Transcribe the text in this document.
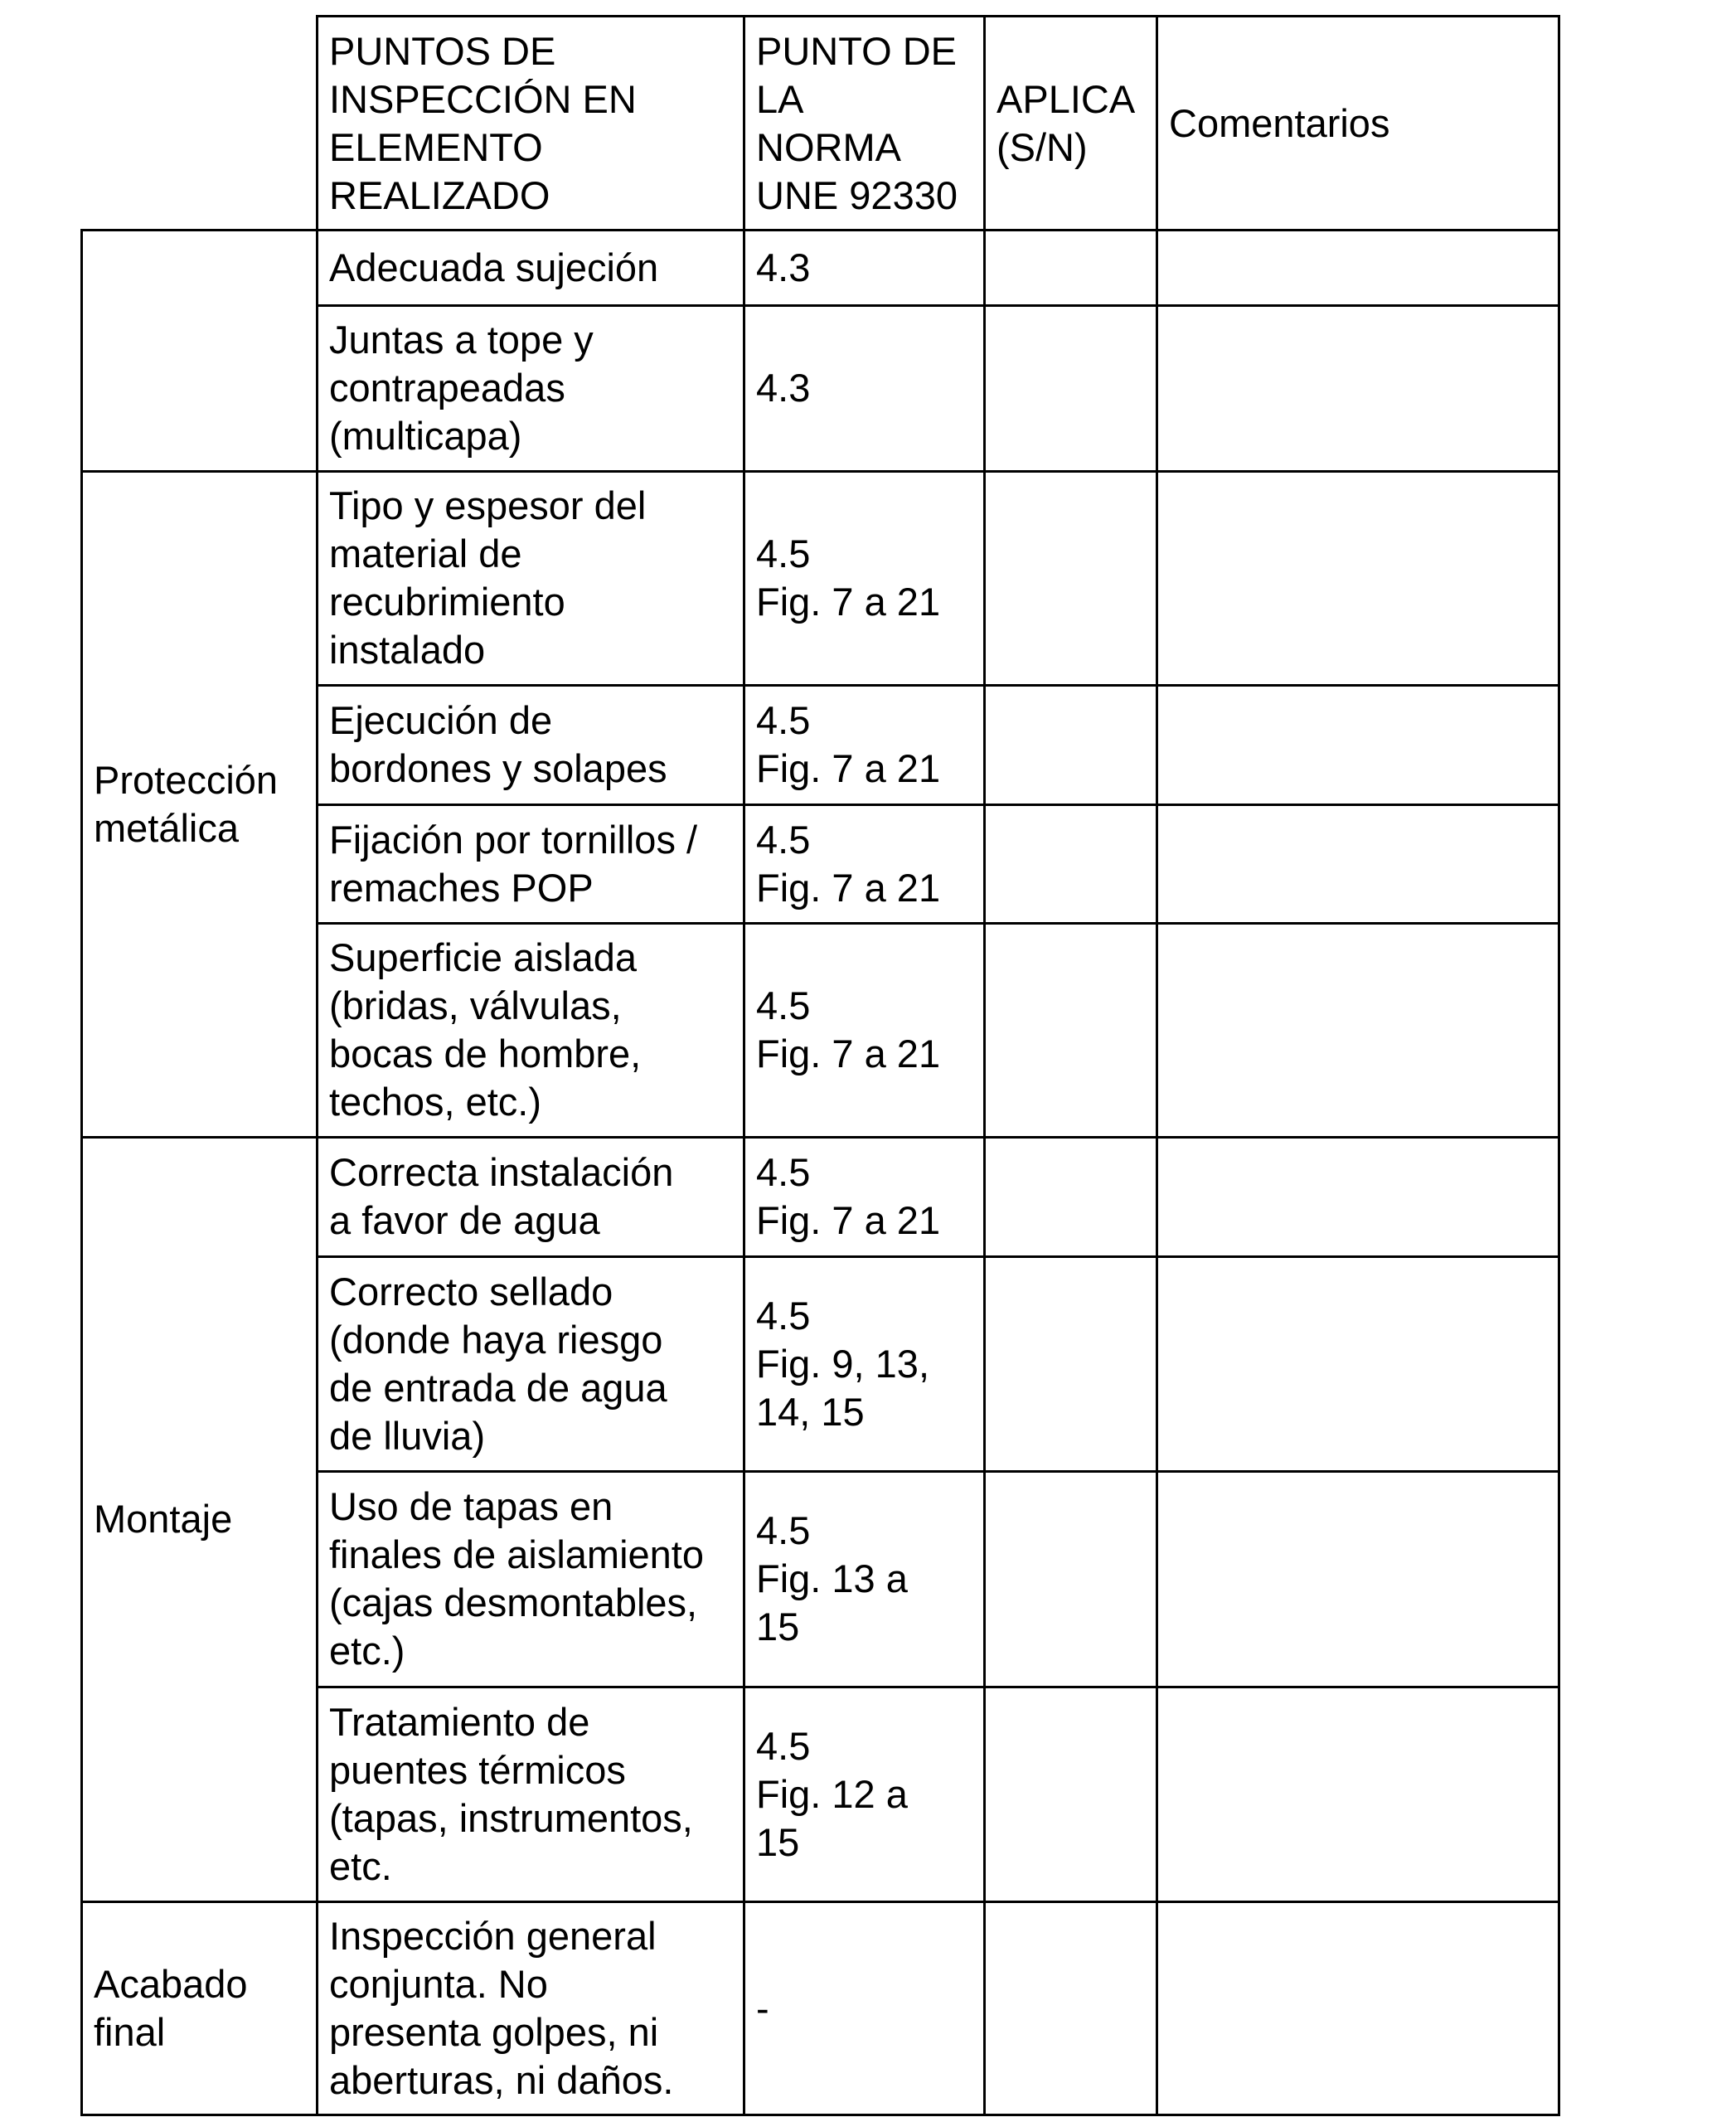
PUNTOS DE
INSPECCIÓN EN
ELEMENTO
REALIZADO
PUNTO DE
LA
NORMA
UNE 92330
APLICA
(S/N)
Comentarios
Protección
metálica
Montaje
Acabado
final
Adecuada sujeción	4.3
Juntas a tope y
contrapeadas
(multicapa)
4.3
Tipo y espesor del
material de
recubrimiento
instalado
4.5
Fig. 7 a 21
Ejecución de
bordones y solapes
4.5
Fig. 7 a 21
Fijación por tornillos /
remaches POP
4.5
Fig. 7 a 21
Superficie aislada
(bridas, válvulas,
bocas de hombre,
techos, etc.)
4.5
Fig. 7 a 21
Correcta instalación
a favor de agua
4.5
Fig. 7 a 21
Correcto sellado
(donde haya riesgo
de entrada de agua
de lluvia)
4.5
Fig. 9, 13,
14, 15
Uso de tapas en
finales de aislamiento
(cajas desmontables,
etc.)
4.5
Fig. 13 a
15
Tratamiento de
puentes térmicos
(tapas, instrumentos,
etc.
4.5
Fig. 12 a
15
Inspección general
conjunta. No
presenta golpes, ni
aberturas, ni daños.
-
